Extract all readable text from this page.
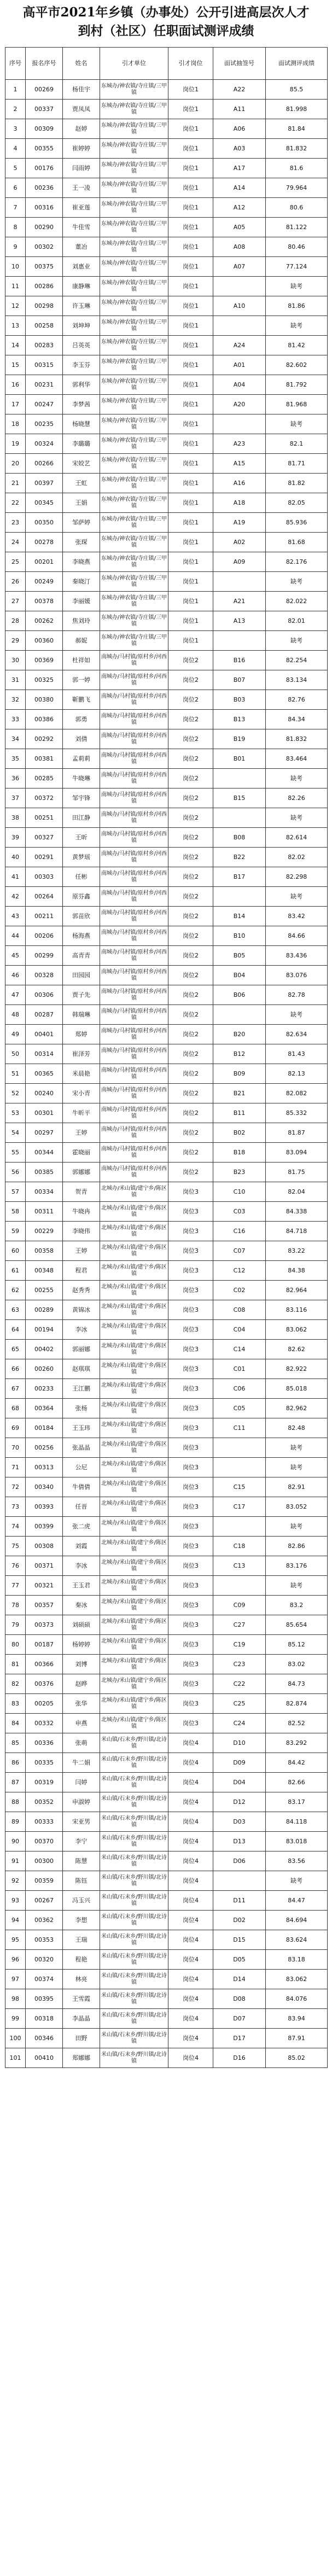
高平市2021年乡镇（办事处）公开引进高层次人才
到村（社区）任职面试测评成绩
序号	报名序号	姓名	引才单位	引才岗位	面试抽签号	面试测评成绩
1	00269	杨佳宇	东城办/神农镇/寺庄镇/三甲镇	岗位1	A22	85.5
2	00337	贾凤凤	东城办/神农镇/寺庄镇/三甲镇	岗位1	A11	81.998
3	00309	赵婷	东城办/神农镇/寺庄镇/三甲镇	岗位1	A06	81.84
4	00355	崔婷婷	东城办/神农镇/寺庄镇/三甲镇	岗位1	A03	81.832
5	00176	闫雨婷	东城办/神农镇/寺庄镇/三甲镇	岗位1	A17	81.6
6	00236	王一凌	东城办/神农镇/寺庄镇/三甲镇	岗位1	A14	79.964
7	00316	崔亚莲	东城办/神农镇/寺庄镇/三甲镇	岗位1	A12	80.6
8	00290	牛佳雪	东城办/神农镇/寺庄镇/三甲镇	岗位1	A05	81.122
9	00302	董冶	东城办/神农镇/寺庄镇/三甲镇	岗位1	A08	80.46
10	00375	刘惠业	东城办/神农镇/寺庄镇/三甲镇	岗位1	A07	77.124
11	00286	康静琳	东城办/神农镇/寺庄镇/三甲镇	岗位1		缺考
12	00298	许玉琳	东城办/神农镇/寺庄镇/三甲镇	岗位1	A10	81.86
13	00258	刘坤坤	东城办/神农镇/寺庄镇/三甲镇	岗位1		缺考
14	00283	吕英英	东城办/神农镇/寺庄镇/三甲镇	岗位1	A24	81.42
15	00315	李玉芬	东城办/神农镇/寺庄镇/三甲镇	岗位1	A01	82.602
16	00231	郭利华	东城办/神农镇/寺庄镇/三甲镇	岗位1	A04	81.792
17	00247	李梦茜	东城办/神农镇/寺庄镇/三甲镇	岗位1	A20	81.968
18	00235	杨晓慧	东城办/神农镇/寺庄镇/三甲镇	岗位1		缺考
19	00324	李璐璐	东城办/神农镇/寺庄镇/三甲镇	岗位1	A23	82.1
20	00266	宋姣艺	东城办/神农镇/寺庄镇/三甲镇	岗位1	A15	81.71
21	00397	王虹	东城办/神农镇/寺庄镇/三甲镇	岗位1	A16	81.82
22	00345	王娟	东城办/神农镇/寺庄镇/三甲镇	岗位1	A18	82.05
23	00350	邹萨婷	东城办/神农镇/寺庄镇/三甲镇	岗位1	A19	85.936
24	00278	张琛	东城办/神农镇/寺庄镇/三甲镇	岗位1	A02	81.68
25	00201	李晓燕	东城办/神农镇/寺庄镇/三甲镇	岗位1	A09	82.176
26	00249	秦晓汀	东城办/神农镇/寺庄镇/三甲镇	岗位1		缺考
27	00378	李丽媛	东城办/神农镇/寺庄镇/三甲镇	岗位1	A21	82.022
28	00262	焦刘玲	东城办/神农镇/寺庄镇/三甲镇	岗位1	A13	82.01
29	00360	郝妮	东城办/神农镇/寺庄镇/三甲镇	岗位1		缺考
30	00369	杜祥如	南城办/马村镇/原村乡/河西镇	岗位2	B16	82.254
31	00325	郭一婷	南城办/马村镇/原村乡/河西镇	岗位2	B07	83.134
32	00380	靳鹏飞	南城办/马村镇/原村乡/河西镇	岗位2	B03	82.76
33	00386	郭勇	南城办/马村镇/原村乡/河西镇	岗位2	B13	84.34
34	00292	刘倩	南城办/马村镇/原村乡/河西镇	岗位2	B19	81.832
35	00381	孟莉莉	南城办/马村镇/原村乡/河西镇	岗位2	B01	83.464
36	00285	牛晓琳	南城办/马村镇/原村乡/河西镇	岗位2		缺考
37	00372	邹宇锋	南城办/马村镇/原村乡/河西镇	岗位2	B15	82.26
38	00251	田江静	南城办/马村镇/原村乡/河西镇	岗位2		缺考
39	00327	王昕	南城办/马村镇/原村乡/河西镇	岗位2	B08	82.614
40	00291	黄梦瑶	南城办/马村镇/原村乡/河西镇	岗位2	B22	82.02
41	00303	任彬	南城办/马村镇/原村乡/河西镇	岗位2	B17	82.298
42	00264	原芬鑫	南城办/马村镇/原村乡/河西镇	岗位2		缺考
43	00211	郭苗欣	南城办/马村镇/原村乡/河西镇	岗位2	B14	83.42
44	00206	杨海燕	南城办/马村镇/原村乡/河西镇	岗位2	B10	84.66
45	00299	高青青	南城办/马村镇/原村乡/河西镇	岗位2	B05	83.436
46	00328	田园园	南城办/马村镇/原村乡/河西镇	岗位2	B04	83.076
47	00306	贾子先	南城办/马村镇/原村乡/河西镇	岗位2	B06	82.78
48	00287	韩瑞琳	南城办/马村镇/原村乡/河西镇	岗位2		缺考
49	00401	郑婷	南城办/马村镇/原村乡/河西镇	岗位2	B20	82.634
50	00314	崔泽芳	南城办/马村镇/原村乡/河西镇	岗位2	B12	81.43
51	00365	米晨艳	南城办/马村镇/原村乡/河西镇	岗位2	B09	82.13
52	00240	宋小青	南城办/马村镇/原村乡/河西镇	岗位2	B21	82.082
53	00301	牛昕平	南城办/马村镇/原村乡/河西镇	岗位2	B11	85.332
54	00297	王婷	南城办/马村镇/原村乡/河西镇	岗位2	B02	81.87
55	00344	霍晓丽	南城办/马村镇/原村乡/河西镇	岗位2	B18	83.094
56	00385	郭娜娜	南城办/马村镇/原村乡/河西镇	岗位2	B23	81.75
57	00334	贺青	北城办/米山镇/建宁乡/陈区镇	岗位3	C10	82.04
58	00311	牛晓冉	北城办/米山镇/建宁乡/陈区镇	岗位3	C03	84.338
59	00229	李晓伟	北城办/米山镇/建宁乡/陈区镇	岗位3	C16	84.718
60	00358	王婷	北城办/米山镇/建宁乡/陈区镇	岗位3	C07	83.22
61	00348	程君	北城办/米山镇/建宁乡/陈区镇	岗位3	C12	84.38
62	00255	赵秀秀	北城办/米山镇/建宁乡/陈区镇	岗位3	C02	82.964
63	00289	黄锦冰	北城办/米山镇/建宁乡/陈区镇	岗位3	C08	83.116
64	00194	李冰	北城办/米山镇/建宁乡/陈区镇	岗位3	C04	83.062
65	00402	郭丽娜	北城办/米山镇/建宁乡/陈区镇	岗位3	C14	82.62
66	00260	赵琪琪	北城办/米山镇/建宁乡/陈区镇	岗位3	C01	82.922
67	00233	王江鹏	北城办/米山镇/建宁乡/陈区镇	岗位3	C06	85.018
68	00364	张杨	北城办/米山镇/建宁乡/陈区镇	岗位3	C05	82.962
69	00184	王玉玮	北城办/米山镇/建宁乡/陈区镇	岗位3	C11	82.48
70	00256	张晶晶	北城办/米山镇/建宁乡/陈区镇	岗位3		缺考
71	00313	公尼	北城办/米山镇/建宁乡/陈区镇	岗位3		缺考
72	00340	牛倩倩	北城办/米山镇/建宁乡/陈区镇	岗位3	C15	82.91
73	00393	任晋	北城办/米山镇/建宁乡/陈区镇	岗位3	C17	83.052
74	00399	张二虎	北城办/米山镇/建宁乡/陈区镇	岗位3		缺考
75	00308	刘霞	北城办/米山镇/建宁乡/陈区镇	岗位3	C18	82.86
76	00371	李冰	北城办/米山镇/建宁乡/陈区镇	岗位3	C13	83.176
77	00321	王玉君	北城办/米山镇/建宁乡/陈区镇	岗位3		缺考
78	00357	秦冰	北城办/米山镇/建宁乡/陈区镇	岗位3	C09	83.2
79	00373	刘硕硕	北城办/米山镇/建宁乡/陈区镇	岗位3	C27	85.654
80	00187	杨婷婷	北城办/米山镇/建宁乡/陈区镇	岗位3	C19	85.12
81	00366	刘博	北城办/米山镇/建宁乡/陈区镇	岗位3	C23	83.02
82	00376	赵晔	北城办/米山镇/建宁乡/陈区镇	岗位3	C22	84.73
83	00205	张华	北城办/米山镇/建宁乡/陈区镇	岗位3	C25	82.874
84	00332	申燕	北城办/米山镇/建宁乡/陈区镇	岗位3	C24	82.52
85	00336	张萌	米山镇/石末乡/野川镇/北诗镇	岗位4	D10	83.292
86	00335	牛二娟	米山镇/石末乡/野川镇/北诗镇	岗位4	D09	84.42
87	00319	闫婷	米山镇/石末乡/野川镇/北诗镇	岗位4	D04	82.66
88	00352	申淑婷	米山镇/石末乡/野川镇/北诗镇	岗位4	D12	83.17
89	00333	宋亚男	米山镇/石末乡/野川镇/北诗镇	岗位4	D03	84.118
90	00370	李宁	米山镇/石末乡/野川镇/北诗镇	岗位4	D13	83.018
91	00300	陈慧	米山镇/石末乡/野川镇/北诗镇	岗位4	D06	83.56
92	00359	陈钰	米山镇/石末乡/野川镇/北诗镇	岗位4		缺考
93	00267	冯玉兴	米山镇/石末乡/野川镇/北诗镇	岗位4	D11	84.47
94	00362	李想	米山镇/石末乡/野川镇/北诗镇	岗位4	D02	84.694
95	00353	王瑞	米山镇/石末乡/野川镇/北诗镇	岗位4	D15	83.624
96	00320	程艳	米山镇/石末乡/野川镇/北诗镇	岗位4	D05	83.18
97	00374	林亮	米山镇/石末乡/野川镇/北诗镇	岗位4	D14	83.062
98	00395	王雪霞	米山镇/石末乡/野川镇/北诗镇	岗位4	D08	84.076
99	00318	李晶晶	米山镇/石末乡/野川镇/北诗镇	岗位4	D07	83.94
100	00346	田野	米山镇/石末乡/野川镇/北诗镇	岗位4	D17	87.91
101	00410	郑娜娜	米山镇/石末乡/野川镇/北诗镇	岗位4	D16	85.02
